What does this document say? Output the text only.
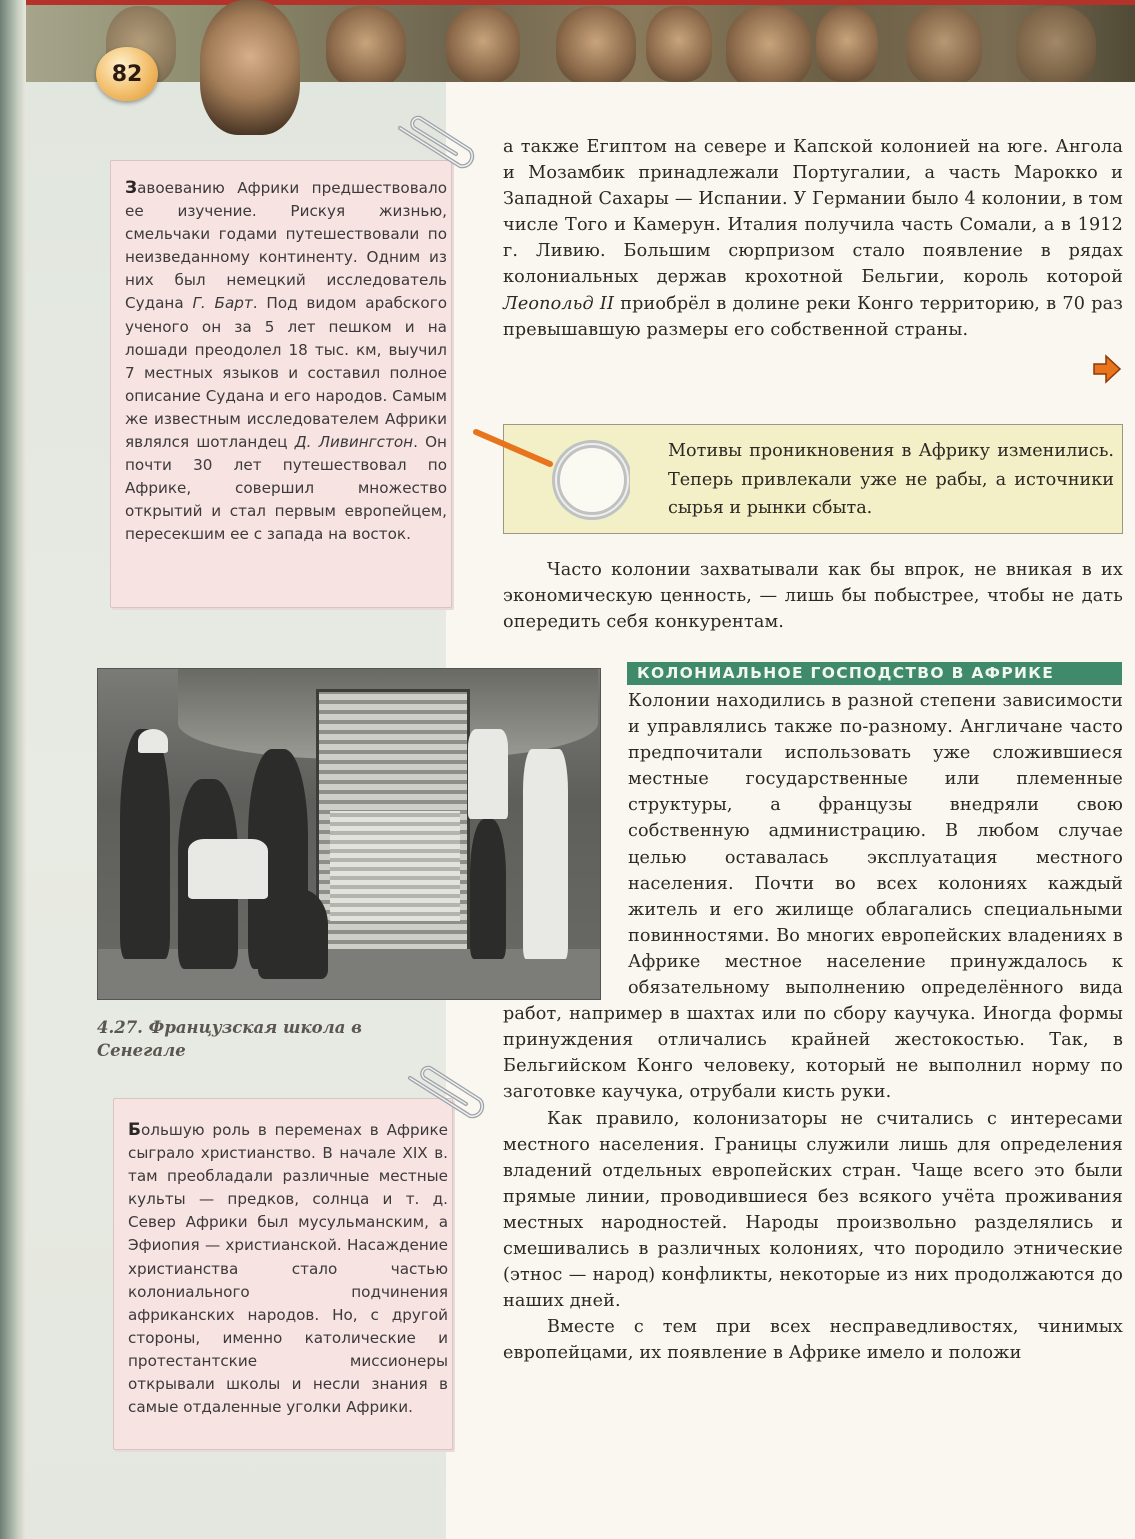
82

Завоеванию Африки предшествовало ее изучение. Рискуя жизнью, смельчаки годами путешествовали по неизведанному континенту. Одним из них был немецкий исследователь Судана Г. Барт. Под видом арабского ученого он за 5 лет пешком и на лошади преодолел 18 тыс. км, выучил 7 местных языков и составил полное описание Судана и его народов. Самым же известным исследователем Африки являлся шотландец Д. Ливингстон. Он почти 30 лет путешествовал по Африке, совершил множество открытий и стал первым европейцем, пересекшим ее с запада на восток.

а также Египтом на севере и Капской колонией на юге. Ангола и Мозамбик принадлежали Португалии, а часть Марокко и Западной Сахары — Испании. У Германии было 4 колонии, в том числе Того и Камерун. Италия получила часть Сомали, а в 1912 г. Ливию. Большим сюрпризом стало появление в рядах колониальных держав крохотной Бельгии, король которой Леопольд II приобрёл в долине реки Конго территорию, в 70 раз превышавшую размеры его собственной страны.

Мотивы проникновения в Африку изменились. Теперь привлекали уже не рабы, а источники сырья и рынки сбыта.

Часто колонии захватывали как бы впрок, не вникая в их экономическую ценность, — лишь бы побыстрее, чтобы не дать опередить себя конкурентам.

КОЛОНИАЛЬНОЕ ГОСПОДСТВО В АФРИКЕ
4.27. Французская школа в Сенегале

Колонии находились в разной степени зависимости и управлялись также по-разному. Англичане часто предпочитали использовать уже сложившиеся местные государственные или племенные структуры, а французы внедряли свою собственную администрацию. В любом случае целью оставалась эксплуатация местного населения. Почти во всех колониях каждый житель и его жилище облагались специальными повинностями. Во многих европейских владениях в Африке местное население принуждалось к обязательному выполнению определённого вида работ, например в шахтах или по сбору каучука. Иногда формы принуждения отличались крайней жестокостью. Так, в Бельгийском Конго человеку, который не выполнил норму по заготовке каучука, отрубали кисть руки.

Как правило, колонизаторы не считались с интересами местного населения. Границы служили лишь для определения владений отдельных европейских стран. Чаще всего это были прямые линии, проводившиеся без всякого учёта проживания местных народностей. Народы произвольно разделялись и смешивались в различных колониях, что породило этнические (этнос — народ) конфликты, некоторые из них продолжаются до наших дней.

Вместе с тем при всех несправедливостях, чинимых европейцами, их появление в Африке имело и положи

Большую роль в переменах в Африке сыграло христианство. В начале XIX в. там преобладали различные местные культы — предков, солнца и т. д. Север Африки был мусульманским, а Эфиопия — христианской. Насаждение христианства стало частью колониального подчинения африканских народов. Но, с другой стороны, именно католические и протестантские миссионеры открывали школы и несли знания в самые отдаленные уголки Африки.
